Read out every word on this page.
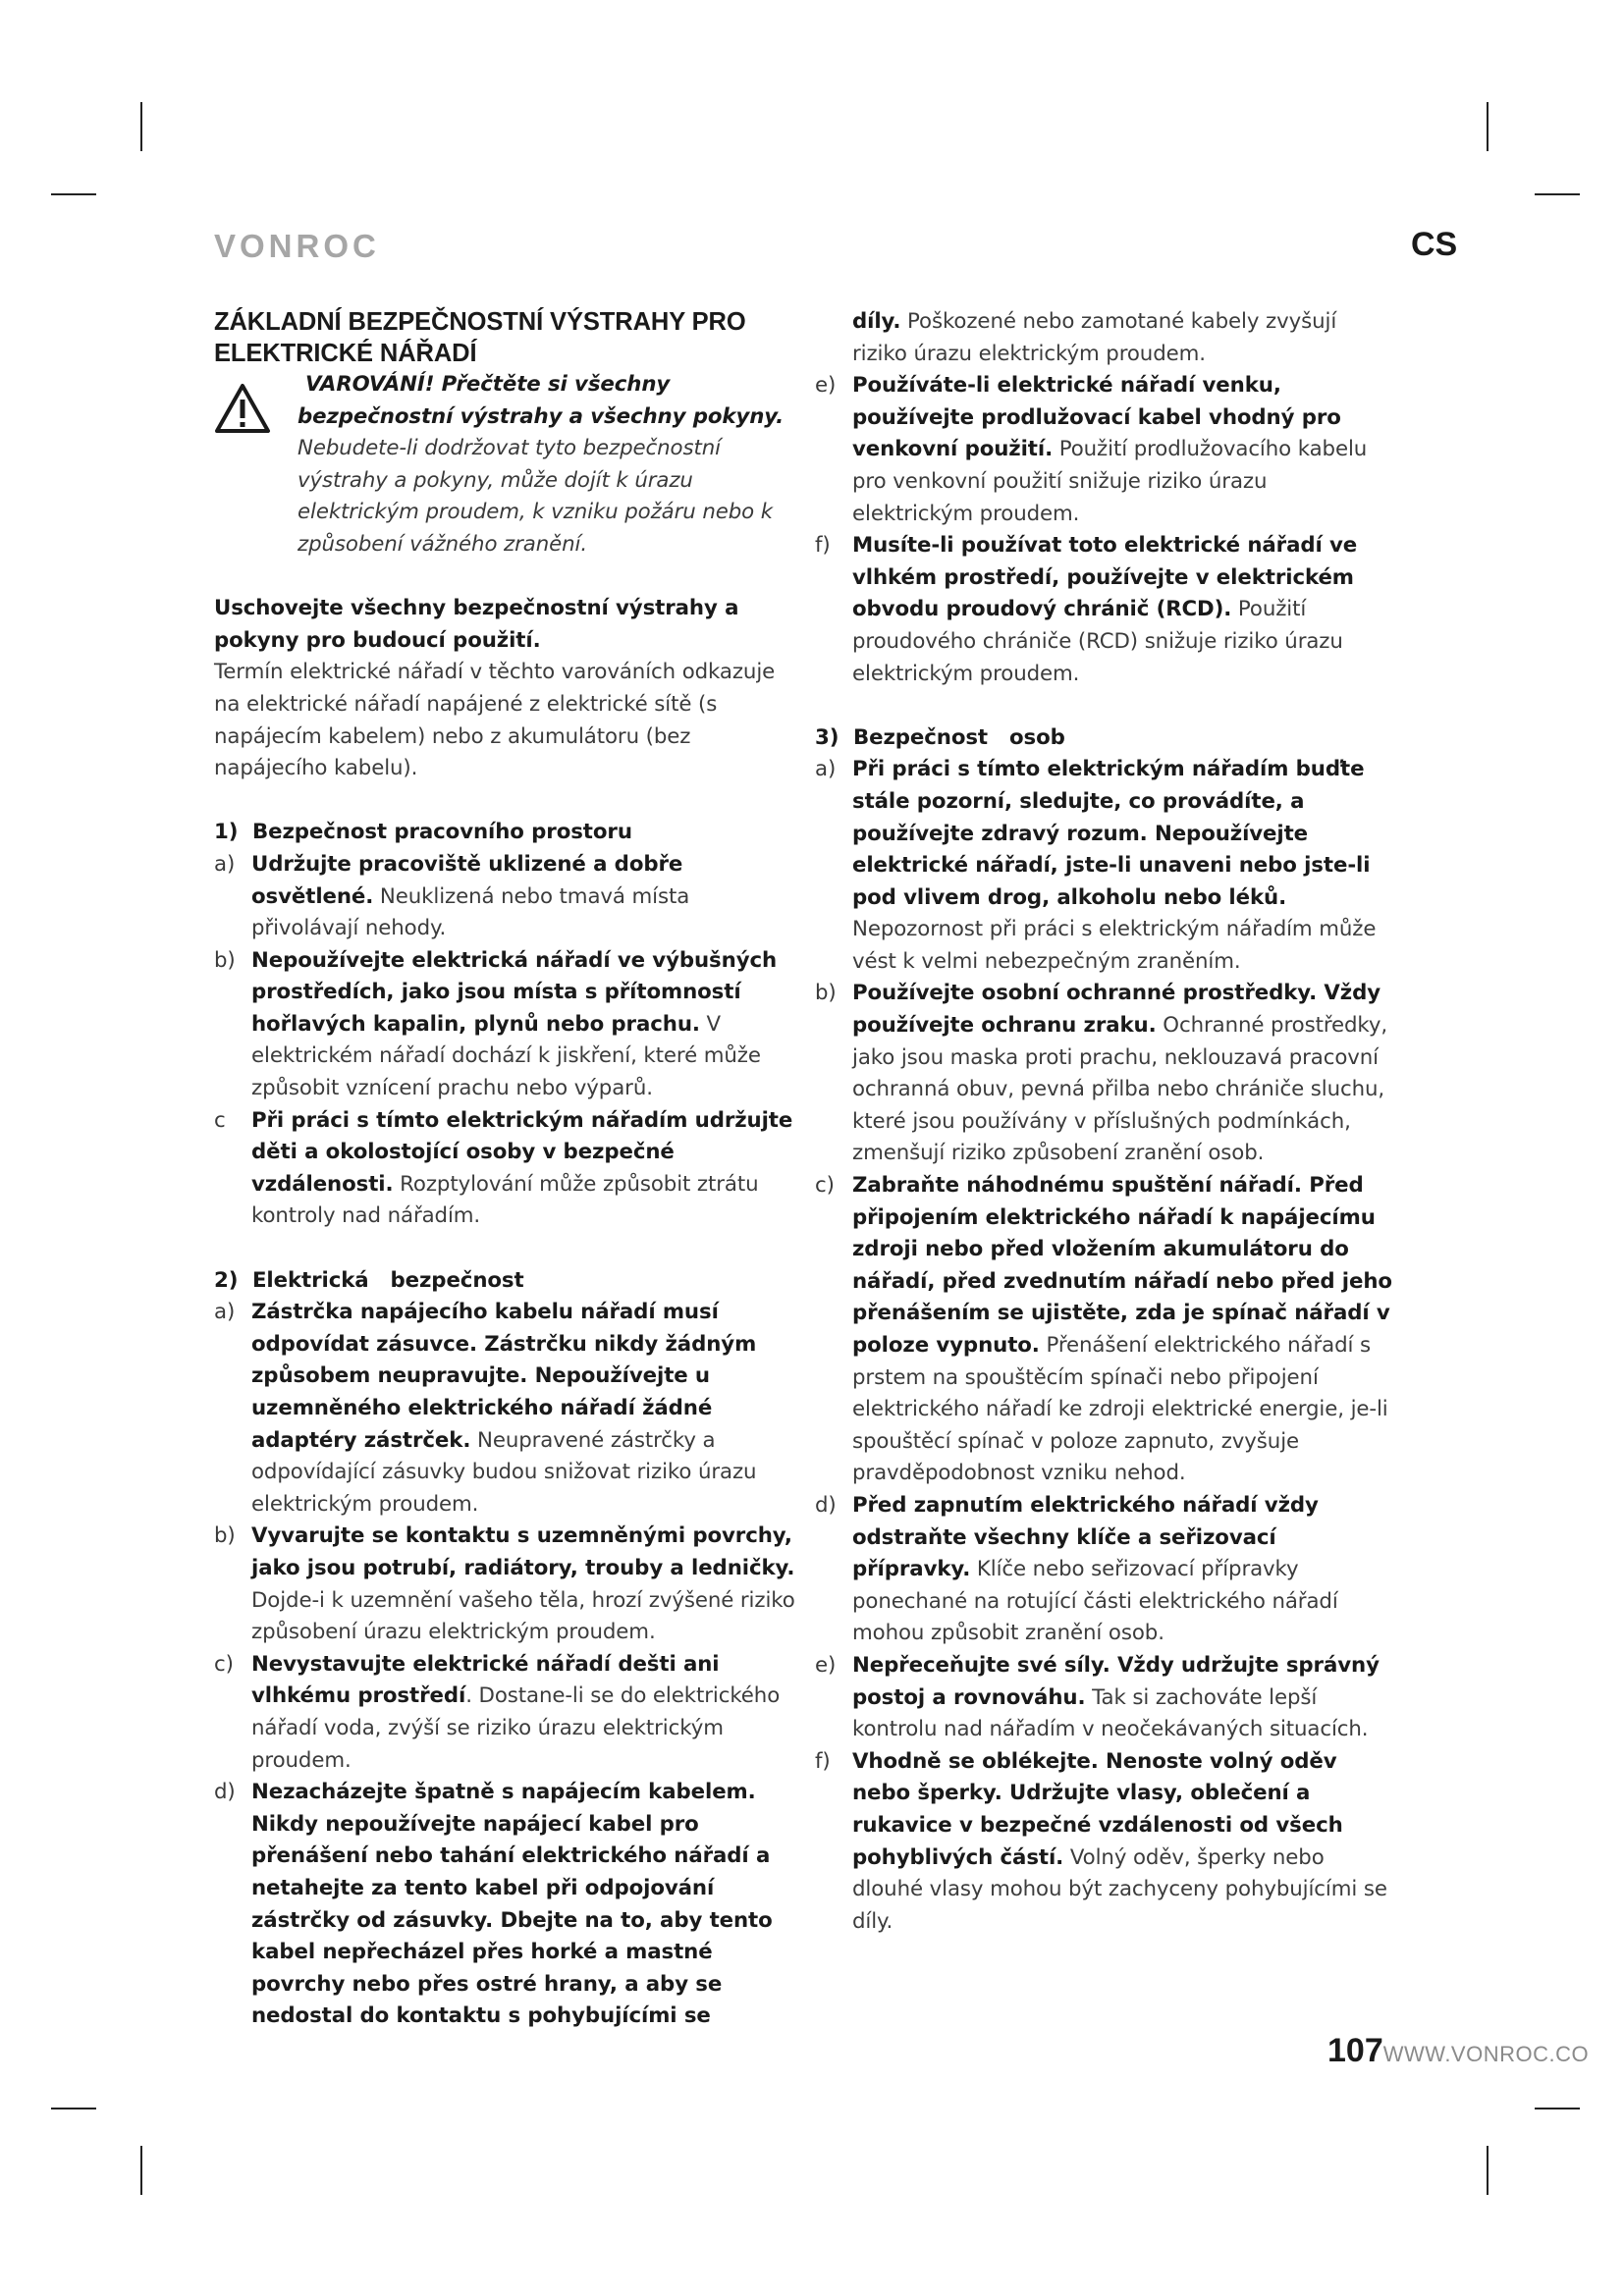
VONROC	CS

ZÁKLADNÍ BEZPEČNOSTNÍ VÝSTRAHY PRO ELEKTRICKÉ NÁŘADÍ

VAROVÁNÍ! Přečtěte si všechny bezpečnostní výstrahy a všechny pokyny. Nebudete-li dodržovat tyto bezpečnostní výstrahy a pokyny, může dojít k úrazu elektrickým proudem, k vzniku požáru nebo k způsobení vážného zranění.

Uschovejte všechny bezpečnostní výstrahy a pokyny pro budoucí použití.

Termín elektrické nářadí v těchto varováních odkazuje na elektrické nářadí napájené z elektrické sítě (s napájecím kabelem) nebo z akumulátoru (bez napájecího kabelu).

1)  Bezpečnost pracovního prostoru

a) Udržujte pracoviště uklizené a dobře osvětlené. Neuklizená nebo tmavá místa přivolávají nehody.
b) Nepoužívejte elektrická nářadí ve výbušných prostředích, jako jsou místa s přítomností hořlavých kapalin, plynů nebo prachu. V elektrickém nářadí dochází k jiskření, které může způsobit vznícení prachu nebo výparů.
c Při práci s tímto elektrickým nářadím udržujte děti a okolostojící osoby v bezpečné vzdálenosti. Rozptylování může způsobit ztrátu kontroly nad nářadím.

2)  Elektrická   bezpečnost

a) Zástrčka napájecího kabelu nářadí musí odpovídat zásuvce. Zástrčku nikdy žádným způsobem neupravujte. Nepoužívejte u uzemněného elektrického nářadí žádné adaptéry zástrček. Neupravené zástrčky a odpovídající zásuvky budou snižovat riziko úrazu elektrickým proudem.
b) Vyvarujte se kontaktu s uzemněnými povrchy, jako jsou potrubí, radiátory, trouby a ledničky. Dojde-i k uzemnění vašeho těla, hrozí zvýšené riziko způsobení úrazu elektrickým proudem.
c) Nevystavujte elektrické nářadí dešti ani vlhkému prostředí. Dostane-li se do elektrického nářadí voda, zvýší se riziko úrazu elektrickým proudem.
d) Nezacházejte špatně s napájecím kabelem. Nikdy nepoužívejte napájecí kabel pro přenášení nebo tahání elektrického nářadí a netahejte za tento kabel při odpojování zástrčky od zásuvky. Dbejte na to, aby tento kabel nepřecházel přes horké a mastné povrchy nebo přes ostré hrany, a aby se nedostal do kontaktu s pohybujícími se
díly. Poškozené nebo zamotané kabely zvyšují riziko úrazu elektrickým proudem.
e) Používáte-li elektrické nářadí venku, používejte prodlužovací kabel vhodný pro venkovní použití. Použití prodlužovacího kabelu pro venkovní použití snižuje riziko úrazu elektrickým proudem.
f) Musíte-li používat toto elektrické nářadí ve vlhkém prostředí, používejte v elektrickém obvodu proudový chránič (RCD). Použití proudového chrániče (RCD) snižuje riziko úrazu elektrickým proudem.

3)  Bezpečnost   osob

a) Při práci s tímto elektrickým nářadím buďte stále pozorní, sledujte, co provádíte, a používejte zdravý rozum. Nepoužívejte elektrické nářadí, jste-li unaveni nebo jste-li pod vlivem drog, alkoholu nebo léků. Nepozornost při práci s elektrickým nářadím může vést k velmi nebezpečným zraněním.
b) Používejte osobní ochranné prostředky. Vždy používejte ochranu zraku. Ochranné prostředky, jako jsou maska proti prachu, neklouzavá pracovní ochranná obuv, pevná přilba nebo chrániče sluchu, které jsou používány v příslušných podmínkách, zmenšují riziko způsobení zranění osob.
c) Zabraňte náhodnému spuštění nářadí. Před připojením elektrického nářadí k napájecímu zdroji nebo před vložením akumulátoru do nářadí, před zvednutím nářadí nebo před jeho přenášením se ujistěte, zda je spínač nářadí v poloze vypnuto. Přenášení elektrického nářadí s prstem na spouštěcím spínači nebo připojení elektrického nářadí ke zdroji elektrické energie, je-li spouštěcí spínač v poloze zapnuto, zvyšuje pravděpodobnost vzniku nehod.
d) Před zapnutím elektrického nářadí vždy odstraňte všechny klíče a seřizovací přípravky. Klíče nebo seřizovací přípravky ponechané na rotující části elektrického nářadí mohou způsobit zranění osob.
e) Nepřeceňujte své síly. Vždy udržujte správný postoj a rovnováhu. Tak si zachováte lepší kontrolu nad nářadím v neočekávaných situacích.
f) Vhodně se oblékejte. Nenoste volný oděv nebo šperky. Udržujte vlasy, oblečení a rukavice v bezpečné vzdálenosti od všech pohyblivých částí. Volný oděv, šperky nebo dlouhé vlasy mohou být zachyceny pohybujícími se díly.
107WWW.VONROC.CO
